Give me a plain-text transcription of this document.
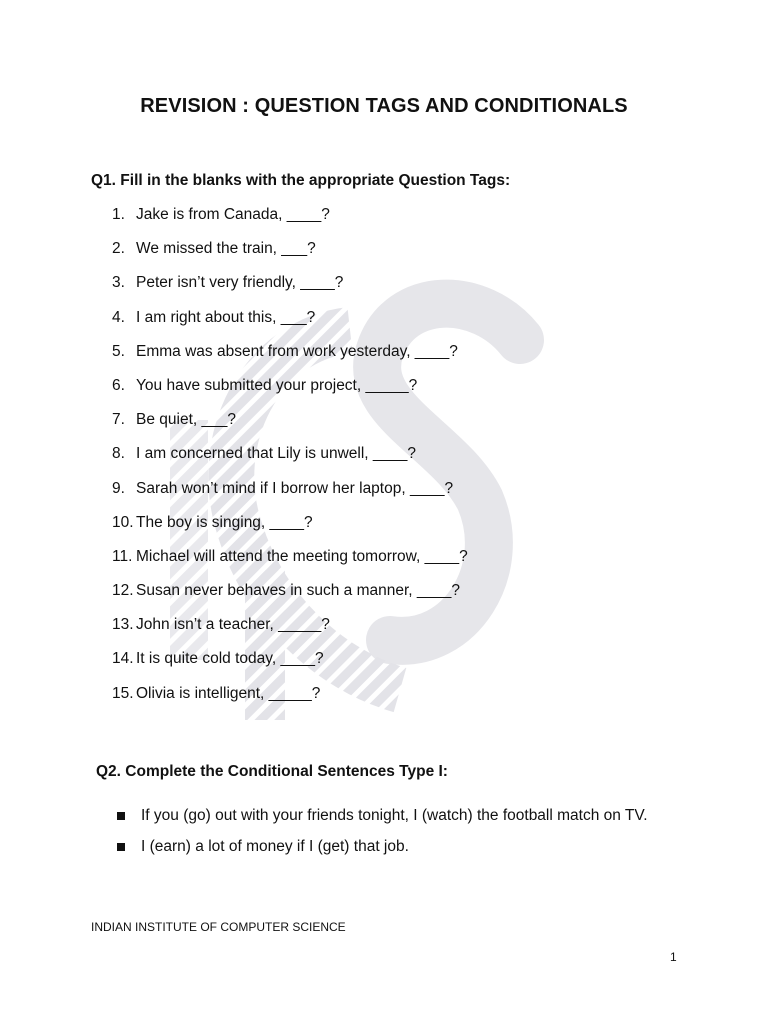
REVISION : QUESTION TAGS AND CONDITIONALS
Q1. Fill in the blanks with the appropriate Question Tags:
1. Jake is from Canada, ____?
2. We missed the train, ___?
3. Peter isn’t very friendly, ____?
4. I am right about this, ___?
5. Emma was absent from work yesterday, ____?
6. You have submitted your project, _____?
7. Be quiet, ___?
8. I am concerned that Lily is unwell, ____?
9. Sarah won’t mind if I borrow her laptop, ____?
10. The boy is singing, ____?
11. Michael will attend the meeting tomorrow, ____?
12. Susan never behaves in such a manner, ____?
13. John isn’t a teacher, _____?
14. It is quite cold today, ____?
15. Olivia is intelligent, _____?
Q2. Complete the Conditional Sentences Type I:
If you (go) out with your friends tonight, I (watch) the football match on TV.
I (earn) a lot of money if I (get) that job.
INDIAN INSTITUTE OF COMPUTER SCIENCE
1
